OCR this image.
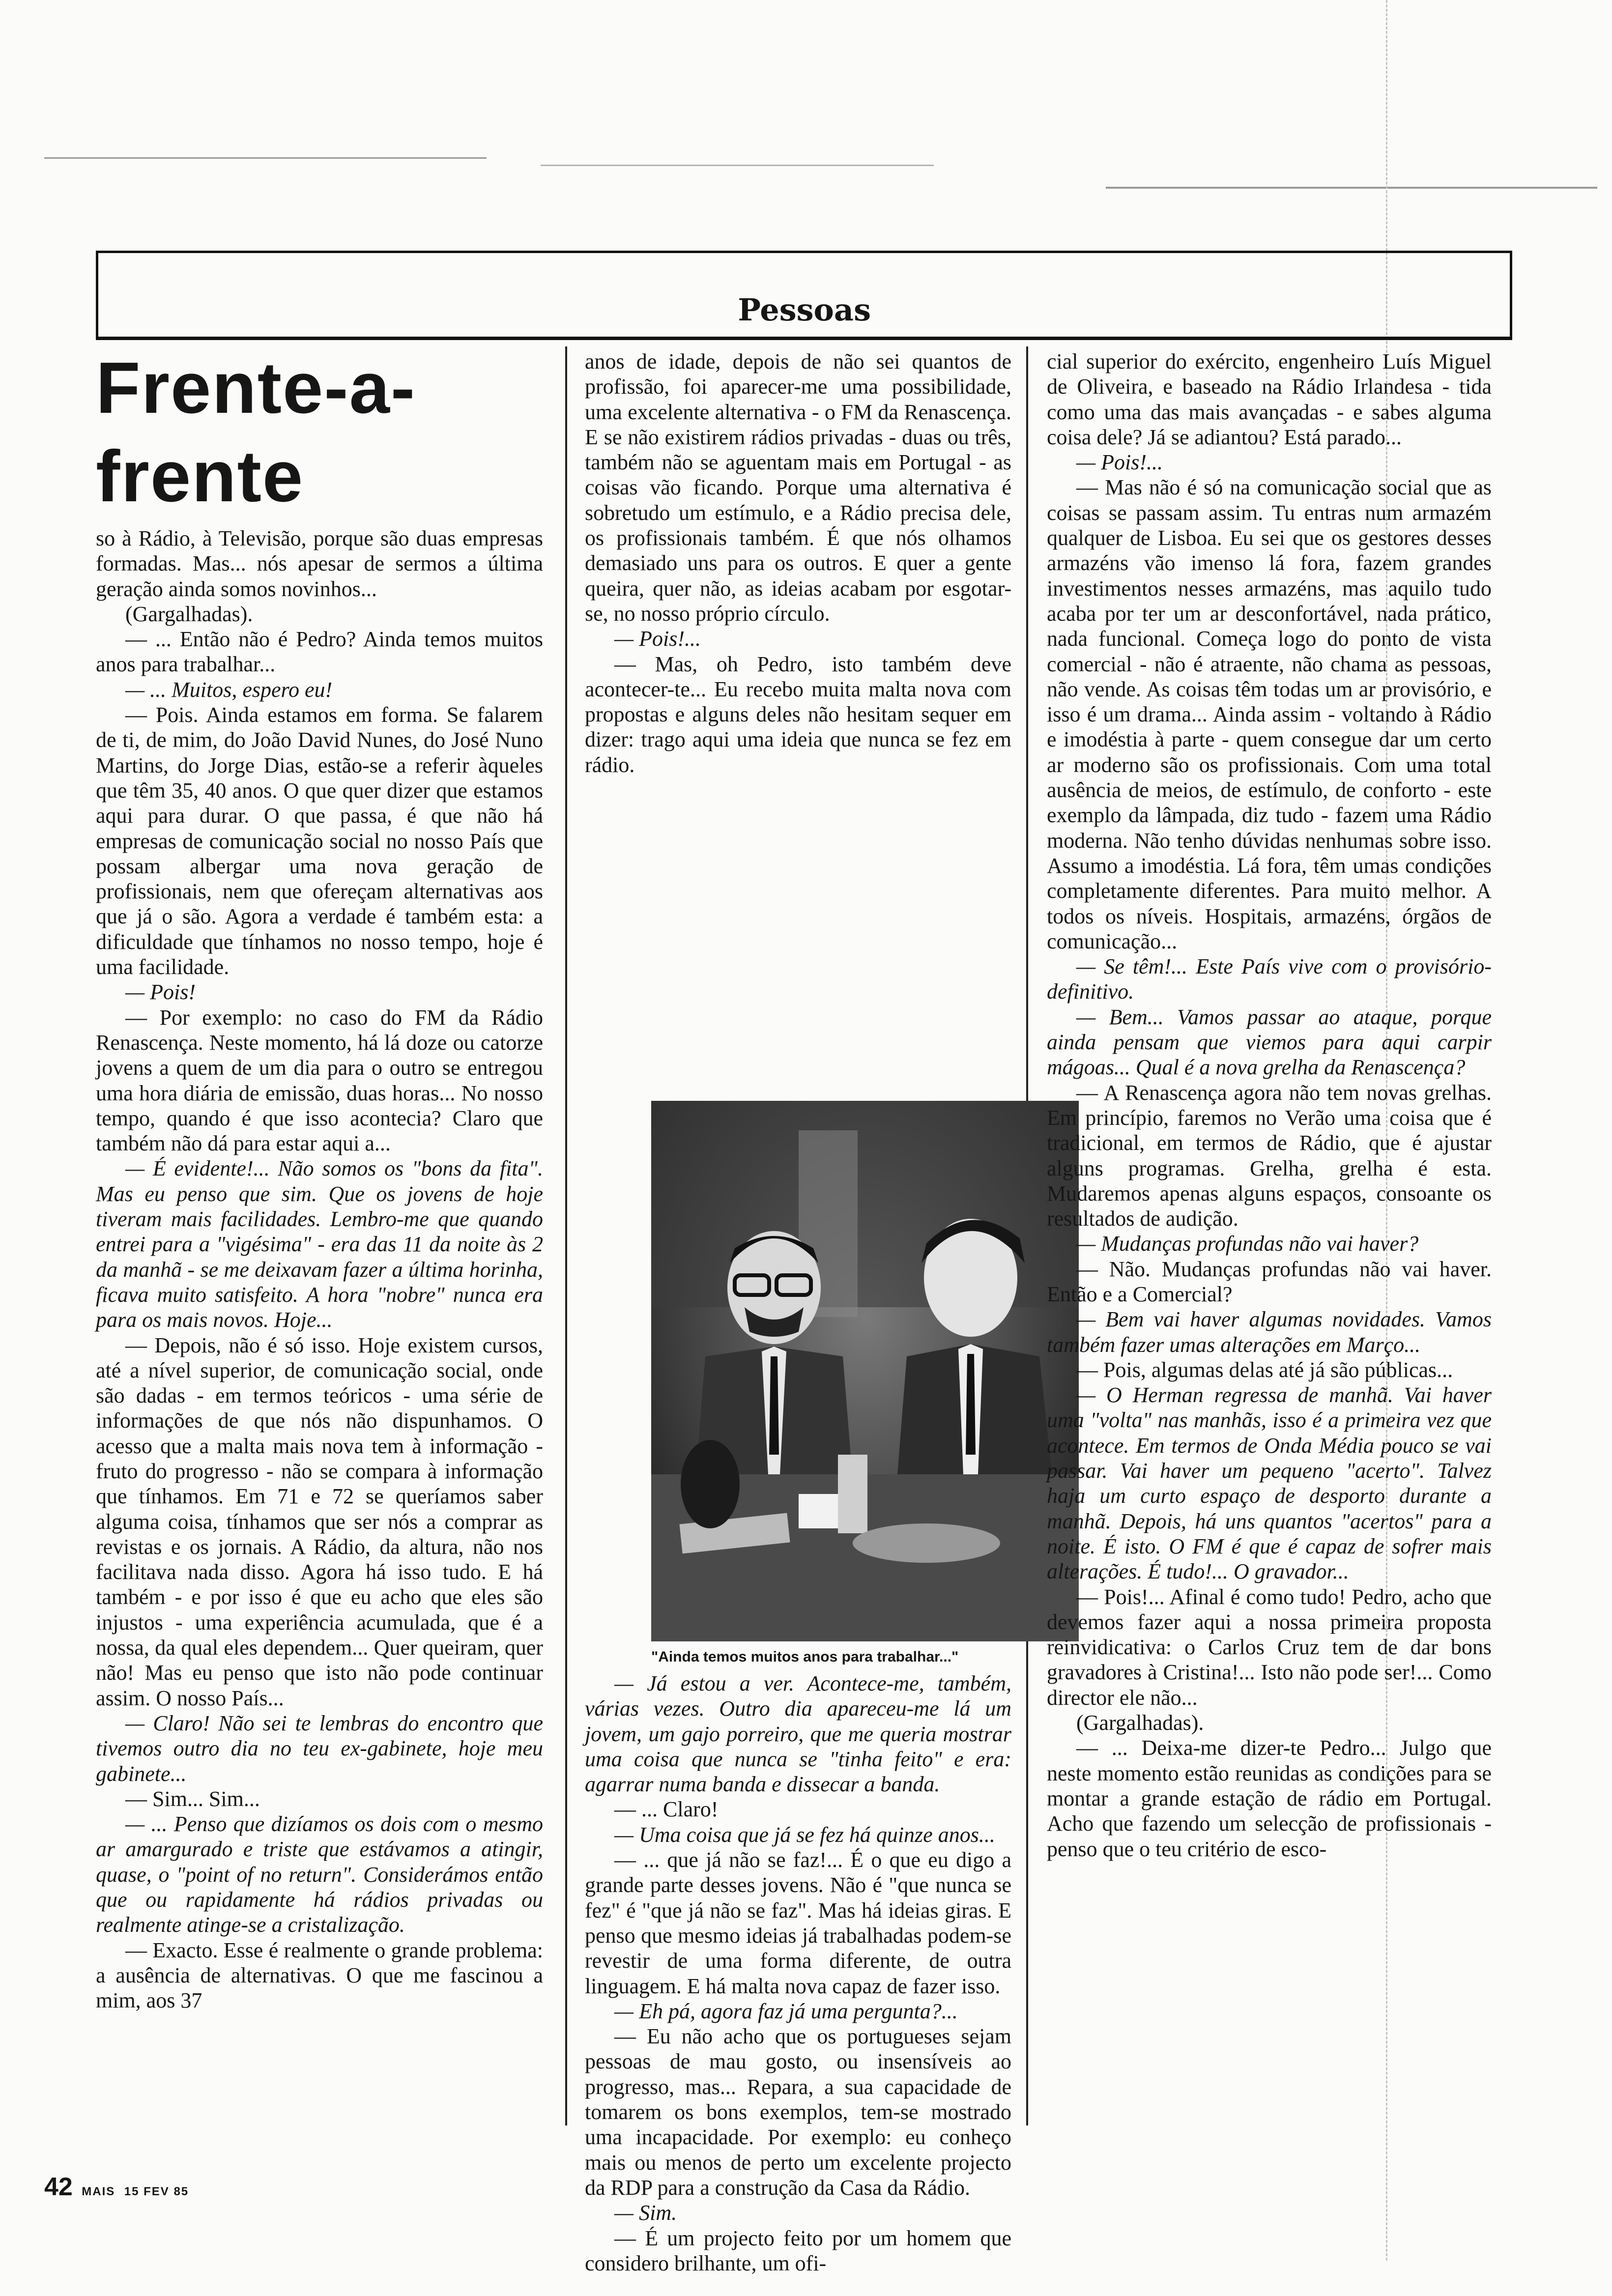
Pessoas
Frente-a-frente

so à Rádio, à Televisão, porque são duas empresas formadas. Mas... nós apesar de sermos a última geração ainda somos novinhos...

(Gargalhadas).

— ... Então não é Pedro? Ainda temos muitos anos para trabalhar...

— ... Muitos, espero eu!

— Pois. Ainda estamos em forma. Se falarem de ti, de mim, do João David Nunes, do José Nuno Martins, do Jorge Dias, estão-se a referir àqueles que têm 35, 40 anos. O que quer dizer que estamos aqui para durar. O que passa, é que não há empresas de comunicação social no nosso País que possam albergar uma nova geração de profissionais, nem que ofereçam alternativas aos que já o são. Agora a verdade é também esta: a dificuldade que tínhamos no nosso tempo, hoje é uma facilidade.

— Pois!

— Por exemplo: no caso do FM da Rádio Renascença. Neste momento, há lá doze ou catorze jovens a quem de um dia para o outro se entregou uma hora diária de emissão, duas horas... No nosso tempo, quando é que isso acontecia? Claro que também não dá para estar aqui a...

— É evidente!... Não somos os "bons da fita". Mas eu penso que sim. Que os jovens de hoje tiveram mais facilidades. Lembro-me que quando entrei para a "vigésima" - era das 11 da noite às 2 da manhã - se me deixavam fazer a última horinha, ficava muito satisfeito. A hora "nobre" nunca era para os mais novos. Hoje...

— Depois, não é só isso. Hoje existem cursos, até a nível superior, de comunicação social, onde são dadas - em termos teóricos - uma série de informações de que nós não dispunhamos. O acesso que a malta mais nova tem à informação - fruto do progresso - não se compara à informação que tínhamos. Em 71 e 72 se queríamos saber alguma coisa, tínhamos que ser nós a comprar as revistas e os jornais. A Rádio, da altura, não nos facilitava nada disso. Agora há isso tudo. E há também - e por isso é que eu acho que eles são injustos - uma experiência acumulada, que é a nossa, da qual eles dependem... Quer queiram, quer não! Mas eu penso que isto não pode continuar assim. O nosso País...

— Claro! Não sei te lembras do encontro que tivemos outro dia no teu ex-gabinete, hoje meu gabinete...

— Sim... Sim...

— ... Penso que dizíamos os dois com o mesmo ar amargurado e triste que estávamos a atingir, quase, o "point of no return". Considerámos então que ou rapidamente há rádios privadas ou realmente atinge-se a cristalização.

— Exacto. Esse é realmente o grande problema: a ausência de alternativas. O que me fascinou a mim, aos 37

anos de idade, depois de não sei quantos de profissão, foi aparecer-me uma possibilidade, uma excelente alternativa - o FM da Renascença. E se não existirem rádios privadas - duas ou três, também não se aguentam mais em Portugal - as coisas vão ficando. Porque uma alternativa é sobretudo um estímulo, e a Rádio precisa dele, os profissionais também. É que nós olhamos demasiado uns para os outros. E quer a gente queira, quer não, as ideias acabam por esgotar-se, no nosso próprio círculo.

— Pois!...

— Mas, oh Pedro, isto também deve acontecer-te... Eu recebo muita malta nova com propostas e alguns deles não hesitam sequer em dizer: trago aqui uma ideia que nunca se fez em rádio.

"Ainda temos muitos anos para trabalhar..."

— Já estou a ver. Acontece-me, também, várias vezes. Outro dia apareceu-me lá um jovem, um gajo porreiro, que me queria mostrar uma coisa que nunca se "tinha feito" e era: agarrar numa banda e dissecar a banda.

— ... Claro!

— Uma coisa que já se fez há quinze anos...

— ... que já não se faz!... É o que eu digo a grande parte desses jovens. Não é "que nunca se fez" é "que já não se faz". Mas há ideias giras. E penso que mesmo ideias já trabalhadas podem-se revestir de uma forma diferente, de outra linguagem. E há malta nova capaz de fazer isso.

— Eh pá, agora faz já uma pergunta?...

— Eu não acho que os portugueses sejam pessoas de mau gosto, ou insensíveis ao progresso, mas... Repara, a sua capacidade de tomarem os bons exemplos, tem-se mostrado uma incapacidade. Por exemplo: eu conheço mais ou menos de perto um excelente projecto da RDP para a construção da Casa da Rádio.

— Sim.

— É um projecto feito por um homem que considero brilhante, um ofi-

cial superior do exército, engenheiro Luís Miguel de Oliveira, e baseado na Rádio Irlandesa - tida como uma das mais avançadas - e sabes alguma coisa dele? Já se adiantou? Está parado...

— Pois!...

— Mas não é só na comunicação social que as coisas se passam assim. Tu entras num armazém qualquer de Lisboa. Eu sei que os gestores desses armazéns vão imenso lá fora, fazem grandes investimentos nesses armazéns, mas aquilo tudo acaba por ter um ar desconfortável, nada prático, nada funcional. Começa logo do ponto de vista comercial - não é atraente, não chama as pessoas, não vende. As coisas têm todas um ar provisório, e isso é um drama... Ainda assim - voltando à Rádio e imodéstia à parte - quem consegue dar um certo ar moderno são os profissionais. Com uma total ausência de meios, de estímulo, de conforto - este exemplo da lâmpada, diz tudo - fazem uma Rádio moderna. Não tenho dúvidas nenhumas sobre isso. Assumo a imodéstia. Lá fora, têm umas condições completamente diferentes. Para muito melhor. A todos os níveis. Hospitais, armazéns, órgãos de comunicação...

— Se têm!... Este País vive com o provisório-definitivo.

— Bem... Vamos passar ao ataque, porque ainda pensam que viemos para aqui carpir mágoas... Qual é a nova grelha da Renascença?

— A Renascença agora não tem novas grelhas. Em princípio, faremos no Verão uma coisa que é tradicional, em termos de Rádio, que é ajustar alguns programas. Grelha, grelha é esta. Mudaremos apenas alguns espaços, consoante os resultados de audição.

— Mudanças profundas não vai haver?

— Não. Mudanças profundas não vai haver. Então e a Comercial?

— Bem vai haver algumas novidades. Vamos também fazer umas alterações em Março...

— Pois, algumas delas até já são públicas...

— O Herman regressa de manhã. Vai haver uma "volta" nas manhãs, isso é a primeira vez que acontece. Em termos de Onda Média pouco se vai passar. Vai haver um pequeno "acerto". Talvez haja um curto espaço de desporto durante a manhã. Depois, há uns quantos "acertos" para a noite. É isto. O FM é que é capaz de sofrer mais alterações. É tudo!... O gravador...

— Pois!... Afinal é como tudo! Pedro, acho que devemos fazer aqui a nossa primeira proposta reinvidicativa: o Carlos Cruz tem de dar bons gravadores à Cristina!... Isto não pode ser!... Como director ele não...

(Gargalhadas).

— ... Deixa-me dizer-te Pedro... Julgo que neste momento estão reunidas as condições para se montar a grande estação de rádio em Portugal. Acho que fazendo um selecção de profissionais - penso que o teu critério de esco-

42 MAIS 15 FEV 85
